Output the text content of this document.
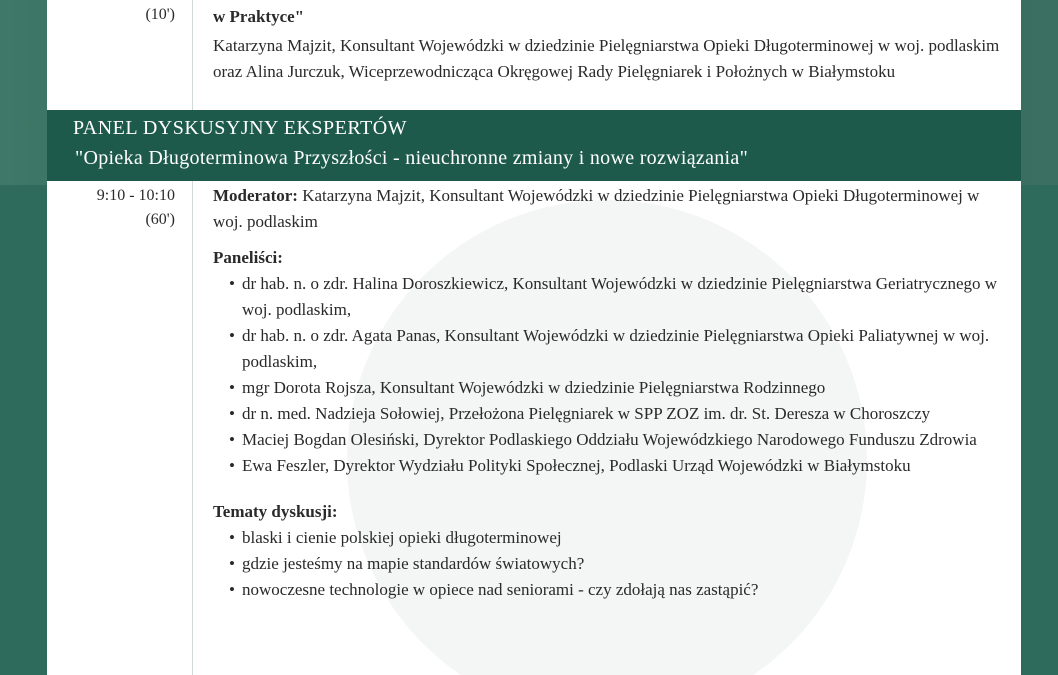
(10') w Praktyce"
Katarzyna Majzit, Konsultant Wojewódzki w dziedzinie Pielęgniarstwa Opieki Długoterminowej w woj. podlaskim oraz Alina Jurczuk, Wiceprzewodnicząca Okręgowej Rady Pielęgniarek i Położnych w Białymstoku
9:10 - 10:10
(60')
Moderator: Katarzyna Majzit, Konsultant Wojewódzki w dziedzinie Pielęgniarstwa Opieki Długoterminowej w woj. podlaskim
Paneliści:
• dr hab. n. o zdr. Halina Doroszkiewicz, Konsultant Wojewódzki w dziedzinie Pielęgniarstwa Geriatrycznego w woj. podlaskim,
• dr hab. n. o zdr. Agata Panas, Konsultant Wojewódzki w dziedzinie Pielęgniarstwa Opieki Paliatywnej w woj. podlaskim,
• mgr Dorota Rojsza, Konsultant Wojewódzki w dziedzinie Pielęgniarstwa Rodzinnego
• dr n. med. Nadzieja Sołowiej, Przełożona Pielęgniarek w SPP ZOZ im. dr. St. Deresza w Choroszczy
• Maciej Bogdan Olesiński, Dyrektor Podlaskiego Oddziału Wojewódzkiego Narodowego Funduszu Zdrowia
• Ewa Feszler, Dyrektor Wydziału Polityki Społecznej, Podlaski Urząd Wojewódzki w Białymstoku
Tematy dyskusji:
• blaski i cienie polskiej opieki długoterminowej
• gdzie jesteśmy na mapie standardów światowych?
• nowoczesne technologie w opiece nad seniorami - czy zdołają nas zastąpić?
PANEL DYSKUSYJNY EKSPERTÓW
"Opieka Długoterminowa Przyszłości - nieuchronne zmiany i nowe rozwiązania"
